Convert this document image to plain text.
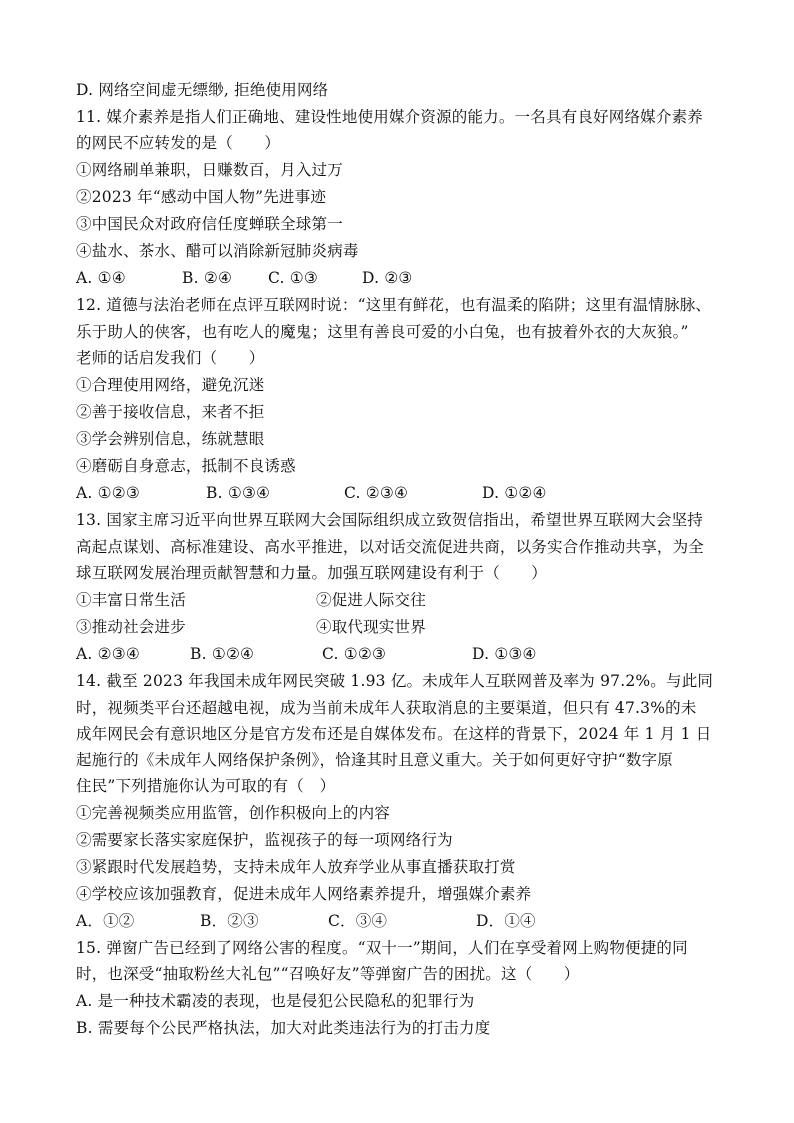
D. 网络空间虚无缥缈, 拒绝使用网络
11. 媒介素养是指人们正确地、建设性地使用媒介资源的能力。一名具有良好网络媒介素养
的网民不应转发的是（　　）
①网络刷单兼职，日赚数百，月入过万
②2023 年“感动中国人物”先进事迹
③中国民众对政府信任度蝉联全球第一
④盐水、茶水、醋可以消除新冠肺炎病毒
A. ①④	B. ②④ C. ①③	D. ②③
12. 道德与法治老师在点评互联网时说：“这里有鲜花，也有温柔的陷阱；这里有温情脉脉、
乐于助人的侠客，也有吃人的魔鬼；这里有善良可爱的小白兔，也有披着外衣的大灰狼。”
老师的话启发我们（　　）
①合理使用网络，避免沉迷
②善于接收信息，来者不拒
③学会辨别信息，练就慧眼
④磨砺自身意志，抵制不良诱惑
A. ①②③	B. ①③④	C. ②③④	D. ①②④
13. 国家主席习近平向世界互联网大会国际组织成立致贺信指出，希望世界互联网大会坚持
高起点谋划、高标准建设、高水平推进，以对话交流促进共商，以务实合作推动共享，为全
球互联网发展治理贡献智慧和力量。加强互联网建设有利于（　　）
①丰富日常生活	②促进人际交往
③推动社会进步	④取代现实世界
A. ②③④	B. ①②④	C. ①②③	D. ①③④
14. 截至 2023 年我国未成年网民突破 1.93 亿。未成年人互联网普及率为 97.2%。与此同
时，视频类平台还超越电视，成为当前未成年人获取消息的主要渠道，但只有 47.3%的未
成年网民会有意识地区分是官方发布还是自媒体发布。在这样的背景下，2024 年 1 月 1 日
起施行的《未成年人网络保护条例》，恰逢其时且意义重大。关于如何更好守护“数字原
住民”下列措施你认为可取的有（　）
①完善视频类应用监管，创作积极向上的内容
②需要家长落实家庭保护，监视孩子的每一项网络行为
③紧跟时代发展趋势，支持未成年人放弃学业从事直播获取打赏
④学校应该加强教育，促进未成年人网络素养提升，增强媒介素养
A．①②	B．②③	C．③④	D．①④
15. 弹窗广告已经到了网络公害的程度。“双十一”期间，人们在享受着网上购物便捷的同
时，也深受“抽取粉丝大礼包”“召唤好友”等弹窗广告的困扰。这（　　）
A. 是一种技术霸凌的表现，也是侵犯公民隐私的犯罪行为
B. 需要每个公民严格执法，加大对此类违法行为的打击力度
